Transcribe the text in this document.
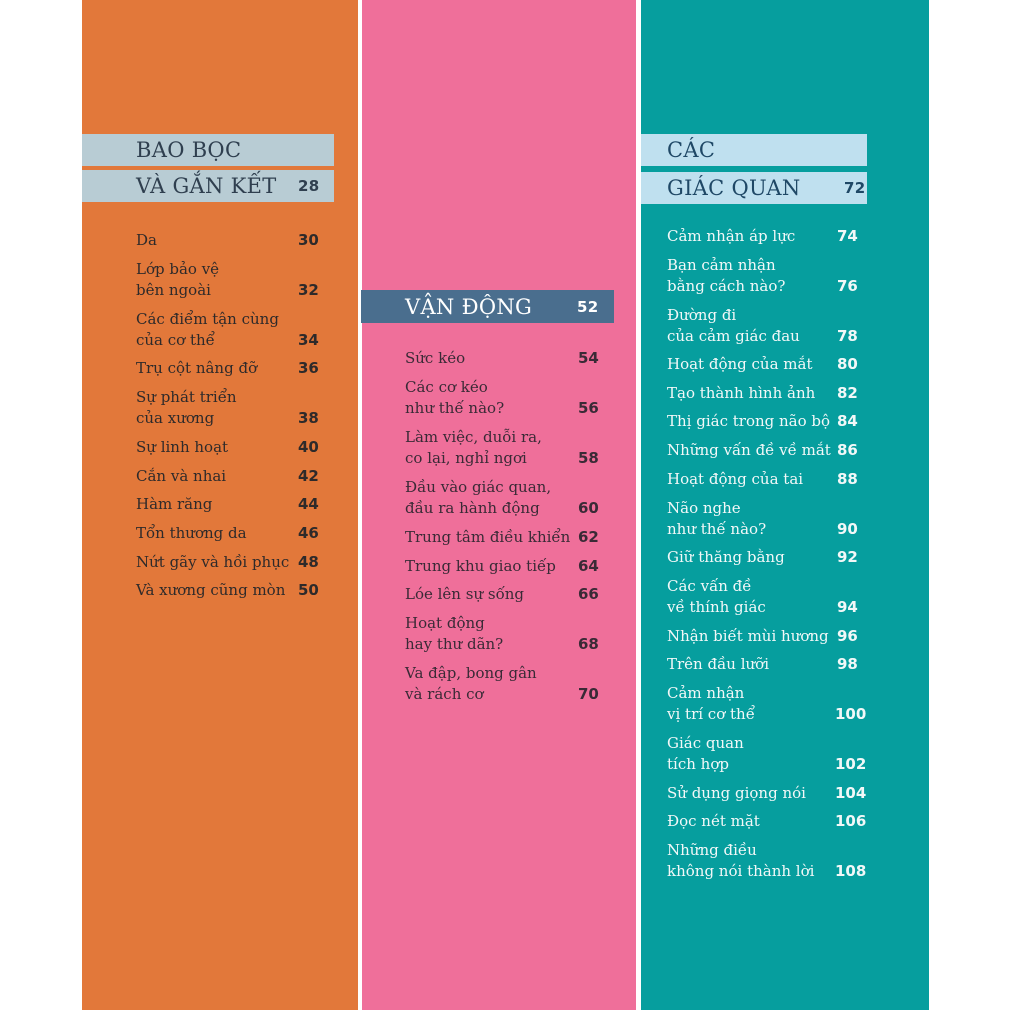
BAO BỌC
VÀ GẮN KẾT 28
Da	30
Lớp bảo vệ
bên ngoài	32
Các điểm tận cùng
của cơ thể	34
Trụ cột nâng đỡ	36
Sự phát triển
của xương	38
Sự linh hoạt	40
Cắn và nhai	42
Hàm răng	44
Tổn thương da	46
Nứt gãy và hồi phục 48
Và xương cũng mòn 50
VẬN ĐỘNG	52
Sức kéo	54
Các cơ kéo
như thế nào?	56
Làm việc, duỗi ra,
co lại, nghỉ ngơi	58
Đầu vào giác quan,
đầu ra hành động	60
Trung tâm điều khiển 62
Trung khu giao tiếp 64
Lóe lên sự sống	66
Hoạt động
hay thư dãn?	68
Va đập, bong gân
và rách cơ	70
CÁC
GIÁC QUAN	72
Cảm nhận áp lực	74
Bạn cảm nhận
bằng cách nào?	76
Đường đi
của cảm giác đau 78
Hoạt động của mắt 80
Tạo thành hình ảnh 82
Thị giác trong não bộ 84
Những vấn đề về mắt 86
Hoạt động của tai 88
Não nghe
như thế nào?	90
Giữ thăng bằng	92
Các vấn đề
về thính giác	94
Nhận biết mùi hương 96
Trên đầu lưỡi	98
Cảm nhận
vị trí cơ thể	100
Giác quan
tích hợp	102
Sử dụng giọng nói 104
Đọc nét mặt	106
Những điều
không nói thành lời 108
